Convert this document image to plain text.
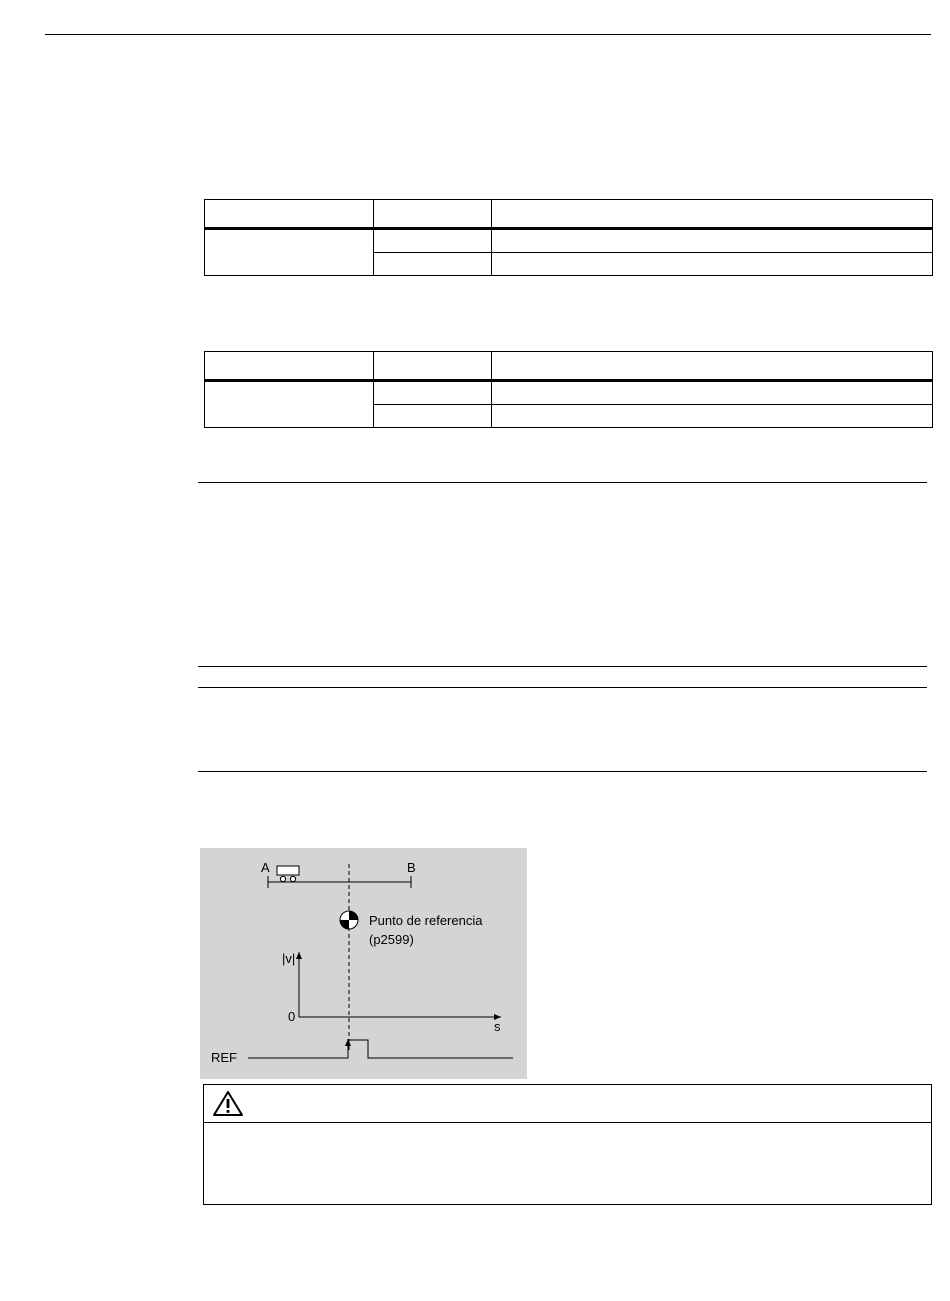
A	B
Punto de referencia
(p2599)
|v|
0
s
REF
